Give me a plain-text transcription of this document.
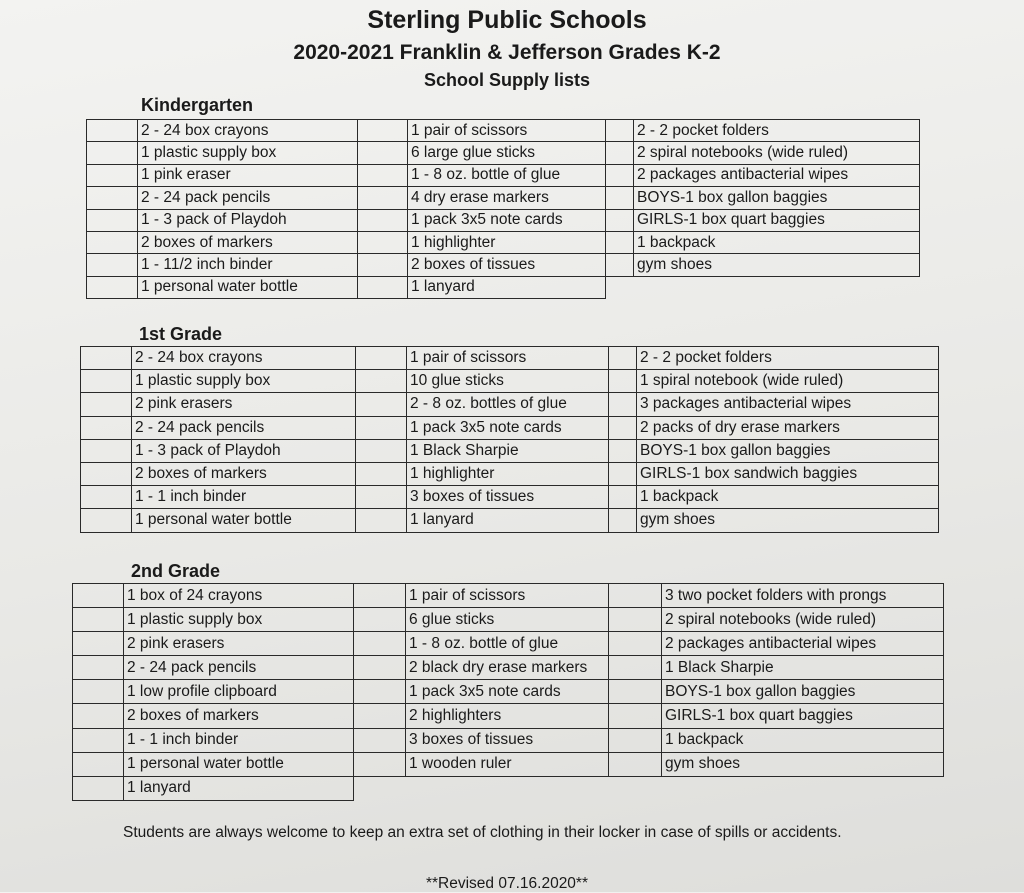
Sterling Public Schools
2020-2021 Franklin & Jefferson Grades K-2
School Supply lists
Kindergarten
	2 - 24 box crayons		1 pair of scissors		2 - 2 pocket folders
	1 plastic supply box		6 large glue sticks		2 spiral notebooks (wide ruled)
	1 pink eraser		1 - 8 oz. bottle of glue		2 packages antibacterial wipes
	2 - 24 pack pencils		4 dry erase markers		BOYS-1 box gallon baggies
	1 - 3 pack of Playdoh		1 pack 3x5 note cards		GIRLS-1 box quart baggies
	2 boxes of markers		1 highlighter		1 backpack
	1 - 11/2 inch binder		2 boxes of tissues		gym shoes
	1 personal water bottle		1 lanyard		
1st Grade
	2 - 24 box crayons		1 pair of scissors		2 - 2 pocket folders
	1 plastic supply box		10 glue sticks		1 spiral notebook (wide ruled)
	2 pink erasers		2 - 8 oz. bottles of glue		3 packages antibacterial wipes
	2 - 24 pack pencils		1 pack 3x5 note cards		2 packs of dry erase markers
	1 - 3 pack of Playdoh		1 Black Sharpie		BOYS-1 box gallon baggies
	2 boxes of markers		1 highlighter		GIRLS-1 box sandwich baggies
	1 - 1 inch binder		3 boxes of tissues		1 backpack
	1 personal water bottle		1 lanyard		gym shoes
2nd Grade
	1 box of 24 crayons		1 pair of scissors		3 two pocket folders with prongs
	1 plastic supply box		6 glue sticks		2 spiral notebooks (wide ruled)
	2 pink erasers		1 - 8 oz. bottle of glue		2 packages antibacterial wipes
	2 - 24 pack pencils		2 black dry erase markers		1 Black Sharpie
	1 low profile clipboard		1 pack 3x5 note cards		BOYS-1 box gallon baggies
	2 boxes of markers		2 highlighters		GIRLS-1 box quart baggies
	1 - 1 inch binder		3 boxes of tissues		1 backpack
	1 personal water bottle		1 wooden ruler		gym shoes
	1 lanyard				
Students are always welcome to keep an extra set of clothing in their locker in case of spills or accidents.
**Revised 07.16.2020**
